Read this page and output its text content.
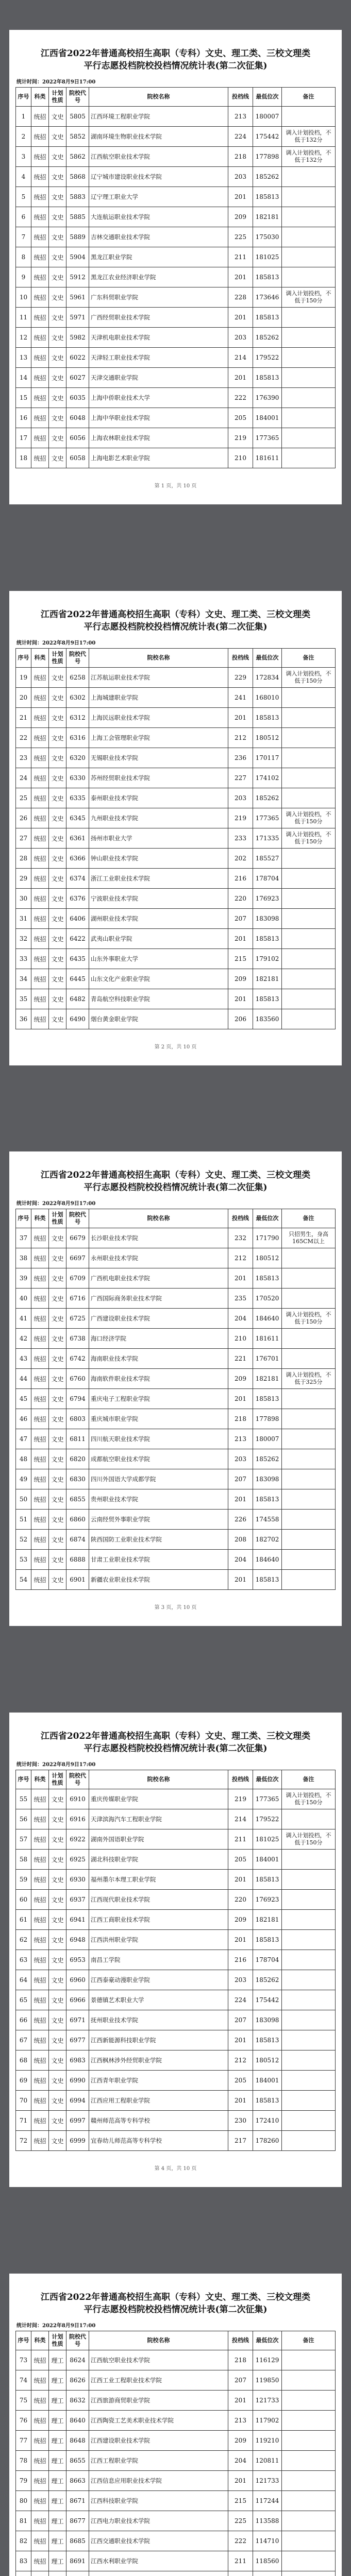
江西省2022年普通高校招生高职（专科）文史、理工类、三校文理类
平行志愿投档院校投档情况统计表(第二次征集)
统计时间：2022年8月9日17:00
序号	科类	计划性质	院校代号	院校名称	投档线	最低位次	备注
1	统招	文史	5805	江西环境工程职业学院	213	180007	
2	统招	文史	5852	湖南环境生物职业技术学院	224	175442	调入计划投档，不低于132分
3	统招	文史	5862	江西航空职业技术学院	218	177898	调入计划投档，不低于132分
4	统招	文史	5868	辽宁城市建设职业技术学院	203	185262	
5	统招	文史	5883	辽宁理工职业大学	201	185813	
6	统招	文史	5885	大连航运职业技术学院	209	182181	
7	统招	文史	5889	吉林交通职业技术学院	225	175030	
8	统招	文史	5904	黑龙江职业学院	211	181025	
9	统招	文史	5912	黑龙江农业经济职业学院	201	185813	
10	统招	文史	5961	广东科贸职业学院	228	173646	调入计划投档，不低于150分
11	统招	文史	5971	广西经贸职业技术学院	201	185813	
12	统招	文史	5982	天津机电职业技术学院	203	185262	
13	统招	文史	6022	天津轻工职业技术学院	214	179522	
14	统招	文史	6027	天津交通职业学院	201	185813	
15	统招	文史	6035	上海中侨职业技术大学	222	176390	
16	统招	文史	6048	上海中华职业技术学院	205	184001	
17	统招	文史	6056	上海农林职业技术学院	219	177365	
18	统招	文史	6058	上海电影艺术职业学院	210	181611	
第 1 页，共 10 页
江西省2022年普通高校招生高职（专科）文史、理工类、三校文理类
平行志愿投档院校投档情况统计表(第二次征集)
统计时间：2022年8月9日17:00
序号	科类	计划性质	院校代号	院校名称	投档线	最低位次	备注
19	统招	文史	6258	江苏航运职业技术学院	229	172834	调入计划投档，不低于150分
20	统招	文史	6302	上海城建职业学院	241	168010	
21	统招	文史	6312	上海民远职业技术学院	201	185813	
22	统招	文史	6316	上海工会管理职业学院	212	180512	
23	统招	文史	6320	无锡职业技术学院	236	170117	
24	统招	文史	6330	苏州经贸职业技术学院	227	174102	
25	统招	文史	6335	泰州职业技术学院	203	185262	
26	统招	文史	6345	九州职业技术学院	219	177365	调入计划投档，不低于150分
27	统招	文史	6361	扬州市职业大学	233	171335	调入计划投档，不低于150分
28	统招	文史	6366	钟山职业技术学院	202	185527	
29	统招	文史	6374	浙江工业职业技术学院	216	178704	
30	统招	文史	6376	宁波职业技术学院	220	176923	
31	统招	文史	6406	湖州职业技术学院	207	183098	
32	统招	文史	6422	武夷山职业学院	201	185813	
33	统招	文史	6435	山东外事职业大学	215	179102	
34	统招	文史	6445	山东文化产业职业学院	209	182181	
35	统招	文史	6482	青岛航空科技职业学院	201	185813	
36	统招	文史	6490	烟台黄金职业学院	206	183560	
第 2 页，共 10 页
江西省2022年普通高校招生高职（专科）文史、理工类、三校文理类
平行志愿投档院校投档情况统计表(第二次征集)
统计时间：2022年8月9日17:00
序号	科类	计划性质	院校代号	院校名称	投档线	最低位次	备注
37	统招	文史	6679	长沙职业技术学院	232	171790	只招男生，身高165CM以上
38	统招	文史	6697	永州职业技术学院	212	180512	
39	统招	文史	6709	广西机电职业技术学院	201	185813	
40	统招	文史	6716	广西国际商务职业技术学院	235	170520	
41	统招	文史	6725	广西建设职业技术学院	204	184640	调入计划投档，不低于150分
42	统招	文史	6738	海口经济学院	210	181611	
43	统招	文史	6742	海南职业技术学院	221	176701	
44	统招	文史	6760	海南软件职业技术学院	209	182181	调入计划投档，不低于325分
45	统招	文史	6794	重庆电子工程职业学院	201	185813	
46	统招	文史	6803	重庆城市职业学院	218	177898	
47	统招	文史	6811	四川航天职业技术学院	213	180007	
48	统招	文史	6820	成都航空职业技术学院	203	185262	
49	统招	文史	6830	四川外国语大学成都学院	207	183098	
50	统招	文史	6855	贵州职业技术学院	201	185813	
51	统招	文史	6860	云南经贸外事职业学院	226	174558	
52	统招	文史	6874	陕西国防工业职业技术学院	208	182702	
53	统招	文史	6888	甘肃工业职业技术学院	204	184640	
54	统招	文史	6901	新疆农业职业技术学院	201	185813	
第 3 页，共 10 页
江西省2022年普通高校招生高职（专科）文史、理工类、三校文理类
平行志愿投档院校投档情况统计表(第二次征集)
统计时间：2022年8月9日17:00
序号	科类	计划性质	院校代号	院校名称	投档线	最低位次	备注
55	统招	文史	6910	重庆传媒职业学院	219	177365	调入计划投档，不低于150分
56	统招	文史	6916	天津滨海汽车工程职业学院	214	179522	
57	统招	文史	6922	湖南外国语职业学院	211	181025	调入计划投档，不低于150分
58	统招	文史	6925	湖北科技职业学院	205	184001	
59	统招	文史	6930	福州墨尔本理工职业学院	201	185813	
60	统招	文史	6937	江西现代职业技术学院	220	176923	
61	统招	文史	6941	江西工商职业技术学院	209	182181	
62	统招	文史	6948	江西洪州职业学院	201	185813	
63	统招	文史	6953	南昌工学院	216	178704	
64	统招	文史	6960	江西泰豪动漫职业学院	203	185262	
65	统招	文史	6966	景德镇艺术职业大学	224	175442	
66	统招	文史	6971	抚州职业技术学院	207	183098	
67	统招	文史	6977	江西新能源科技职业学院	201	185813	
68	统招	文史	6983	江西枫林涉外经贸职业学院	212	180512	
69	统招	文史	6990	江西青年职业学院	205	184001	
70	统招	文史	6994	江西应用工程职业学院	201	185813	
71	统招	文史	6997	赣州师范高等专科学校	230	172410	
72	统招	文史	6999	宜春幼儿师范高等专科学校	217	178260	
第 4 页，共 10 页
江西省2022年普通高校招生高职（专科）文史、理工类、三校文理类
平行志愿投档院校投档情况统计表(第二次征集)
统计时间：2022年8月9日17:00
序号	科类	计划性质	院校代号	院校名称	投档线	最低位次	备注
73	统招	理工	8624	江西航空职业技术学院	218	116129	
74	统招	理工	8626	江西工业工程职业技术学院	207	119850	
75	统招	理工	8632	江西旅游商贸职业学院	201	121733	
76	统招	理工	8640	江西陶瓷工艺美术职业技术学院	213	117902	
77	统招	理工	8648	江西建设职业技术学院	209	119210	
78	统招	理工	8655	江西工程职业学院	204	120811	
79	统招	理工	8663	江西信息应用职业技术学院	201	121733	
80	统招	理工	8671	江西科技职业学院	215	117244	
81	统招	理工	8677	江西电力职业技术学院	225	113588	
82	统招	理工	8685	江西交通职业技术学院	222	114710	
83	统招	理工	8691	江西水利职业学院	211	118560	
